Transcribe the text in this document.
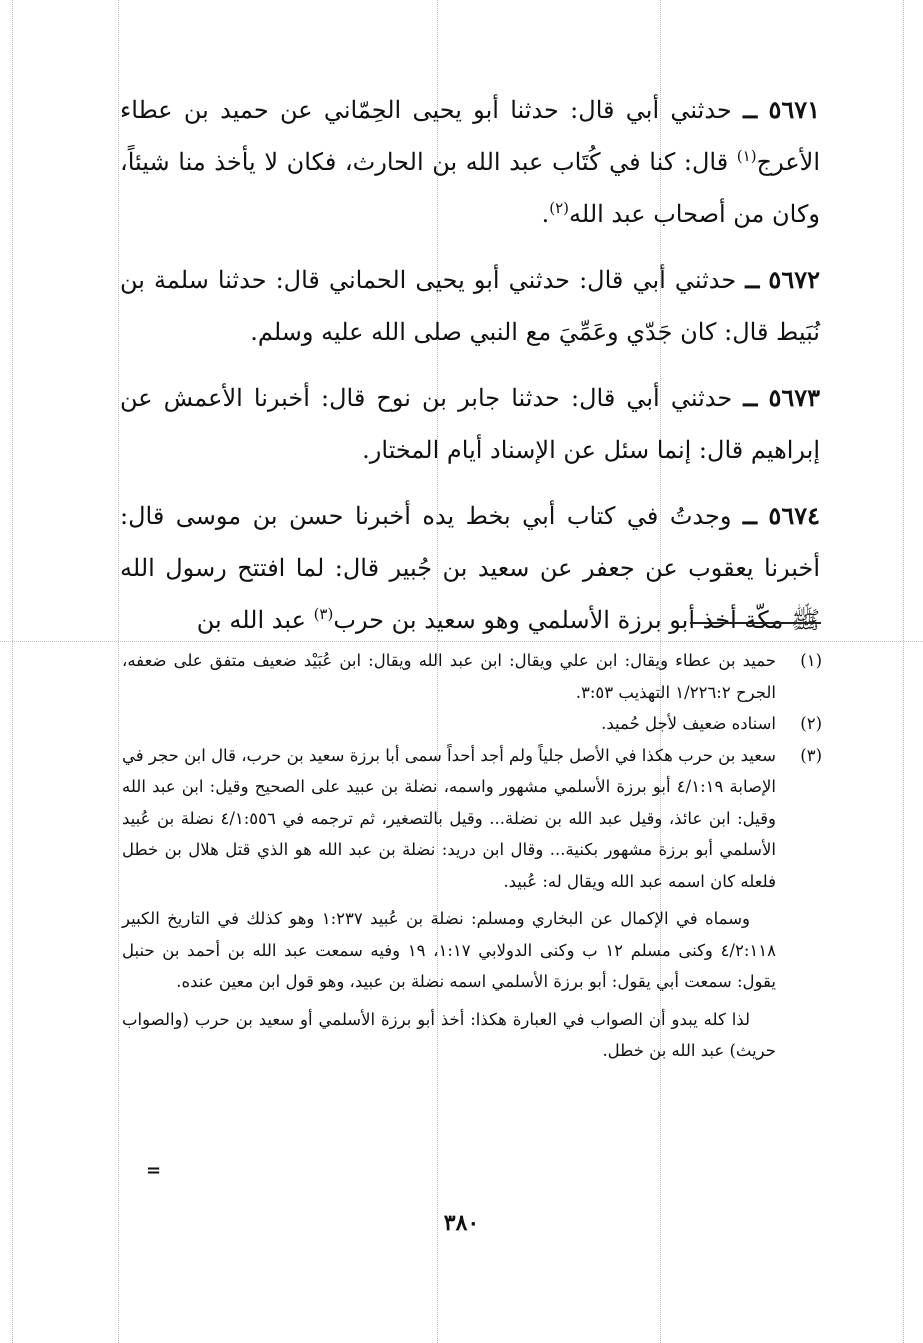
٥٦٧١ ــ حدثني أبي قال: حدثنا أبو يحيى الحِمّاني عن حميد بن عطاء الأعرج$^{(١)}$ قال: كنا في كُتَاب عبد الله بن الحارث، فكان لا يأخذ منا شيئاً، وكان من أصحاب عبد الله$^{(٢)}$.

٥٦٧٢ ــ حدثني أبي قال: حدثني أبو يحيى الحماني قال: حدثنا سلمة بن نُبَيط قال: كان جَدّي وعَمِّيَ مع النبي صلى الله عليه وسلم.

٥٦٧٣ ــ حدثني أبي قال: حدثنا جابر بن نوح قال: أخبرنا الأعمش عن إبراهيم قال: إنما سئل عن الإسناد أيام المختار.

٥٦٧٤ ــ وجدتُ في كتاب أبي بخط يده أخبرنا حسن بن موسى قال: أخبرنا يعقوب عن جعفر عن سعيد بن جُبير قال: لما افتتح رسول الله ﷺ مكّة أخذ أبو برزة الأسلمي وهو سعيد بن حرب$^{(٣)}$ عبد الله بن

(١)
حميد بن عطاء ويقال: ابن علي ويقال: ابن عبد الله ويقال: ابن عُبَيْد ضعيف متفق على ضعفه، الجرح ١/٢٢٦:٢ التهذيب ٣:٥٣.
(٢)
اسناده ضعيف لأجل حُميد.
(٣)
سعيد بن حرب هكذا في الأصل جلياً ولم أجد أحداً سمى أبا برزة سعيد بن حرب، قال ابن حجر في الإصابة ٤/١:١٩ أبو برزة الأسلمي مشهور واسمه، نضلة بن عبيد على الصحيح وقيل: ابن عبد الله وقيل: ابن عائذ، وقيل عبد الله بن نضلة... وقيل بالتصغير، ثم ترجمه في ٤/١:٥٥٦ نضلة بن عُبيد الأسلمي أبو برزة مشهور بكنية... وقال ابن دريد: نضلة بن عبد الله هو الذي قتل هلال بن خطل فلعله كان اسمه عبد الله ويقال له: عُبيد.
وسماه في الإكمال عن البخاري ومسلم: نضلة بن عُبيد ١:٢٣٧ وهو كذلك في التاريخ الكبير ٤/٢:١١٨ وكنى مسلم ١٢ ب وكنى الدولابي ١:١٧، ١٩ وفيه سمعت عبد الله بن أحمد بن حنبل يقول: سمعت أبي يقول: أبو برزة الأسلمي اسمه نضلة بن عبيد، وهو قول ابن معين عنده.
لذا كله يبدو أن الصواب في العبارة هكذا: أخذ أبو برزة الأسلمي أو سعيد بن حرب (والصواب حريث) عبد الله بن خطل.
=
٣٨٠
